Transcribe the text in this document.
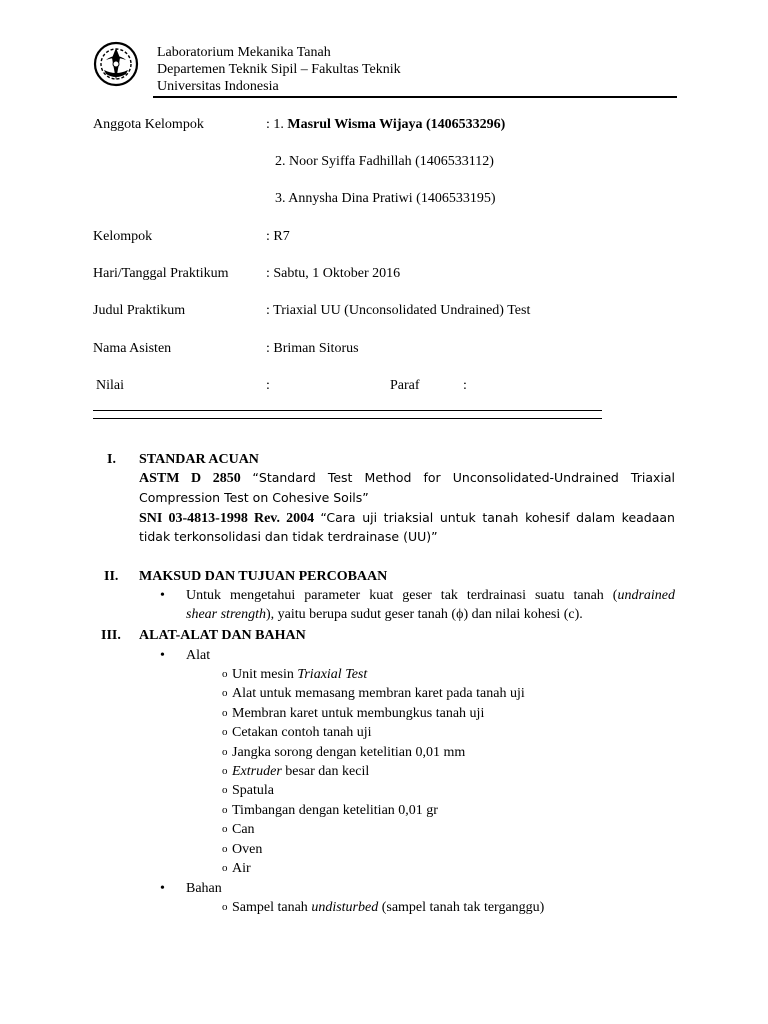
Laboratorium Mekanika Tanah
Departemen Teknik Sipil – Fakultas Teknik
Universitas Indonesia
Anggota Kelompok	: 1. Masrul Wisma Wijaya (1406533296)
2. Noor Syiffa Fadhillah (1406533112)
3. Annysha Dina Pratiwi (1406533195)
Kelompok	: R7
Hari/Tanggal Praktikum	: Sabtu, 1 Oktober 2016
Judul Praktikum	: Triaxial UU (Unconsolidated Undrained) Test
Nama Asisten	: Briman Sitorus
Nilai	:	Paraf	:
I. STANDAR ACUAN
ASTM D 2850 “Standard Test Method for Unconsolidated-Undrained Triaxial
Compression Test on Cohesive Soils”
SNI 03-4813-1998 Rev. 2004 “Cara uji triaksial untuk tanah kohesif dalam keadaan
tidak terkonsolidasi dan tidak terdrainase (UU)”
II. MAKSUD DAN TUJUAN PERCOBAAN
• Untuk mengetahui parameter kuat geser tak terdrainasi suatu tanah (undrained
shear strength), yaitu berupa sudut geser tanah (ϕ) dan nilai kohesi (c).
III. ALAT-ALAT DAN BAHAN
• Alat
o Unit mesin Triaxial Test
o Alat untuk memasang membran karet pada tanah uji
o Membran karet untuk membungkus tanah uji
o Cetakan contoh tanah uji
o Jangka sorong dengan ketelitian 0,01 mm
o Extruder besar dan kecil
o Spatula
o Timbangan dengan ketelitian 0,01 gr
o Can
o Oven
o Air
• Bahan
o Sampel tanah undisturbed (sampel tanah tak terganggu)
